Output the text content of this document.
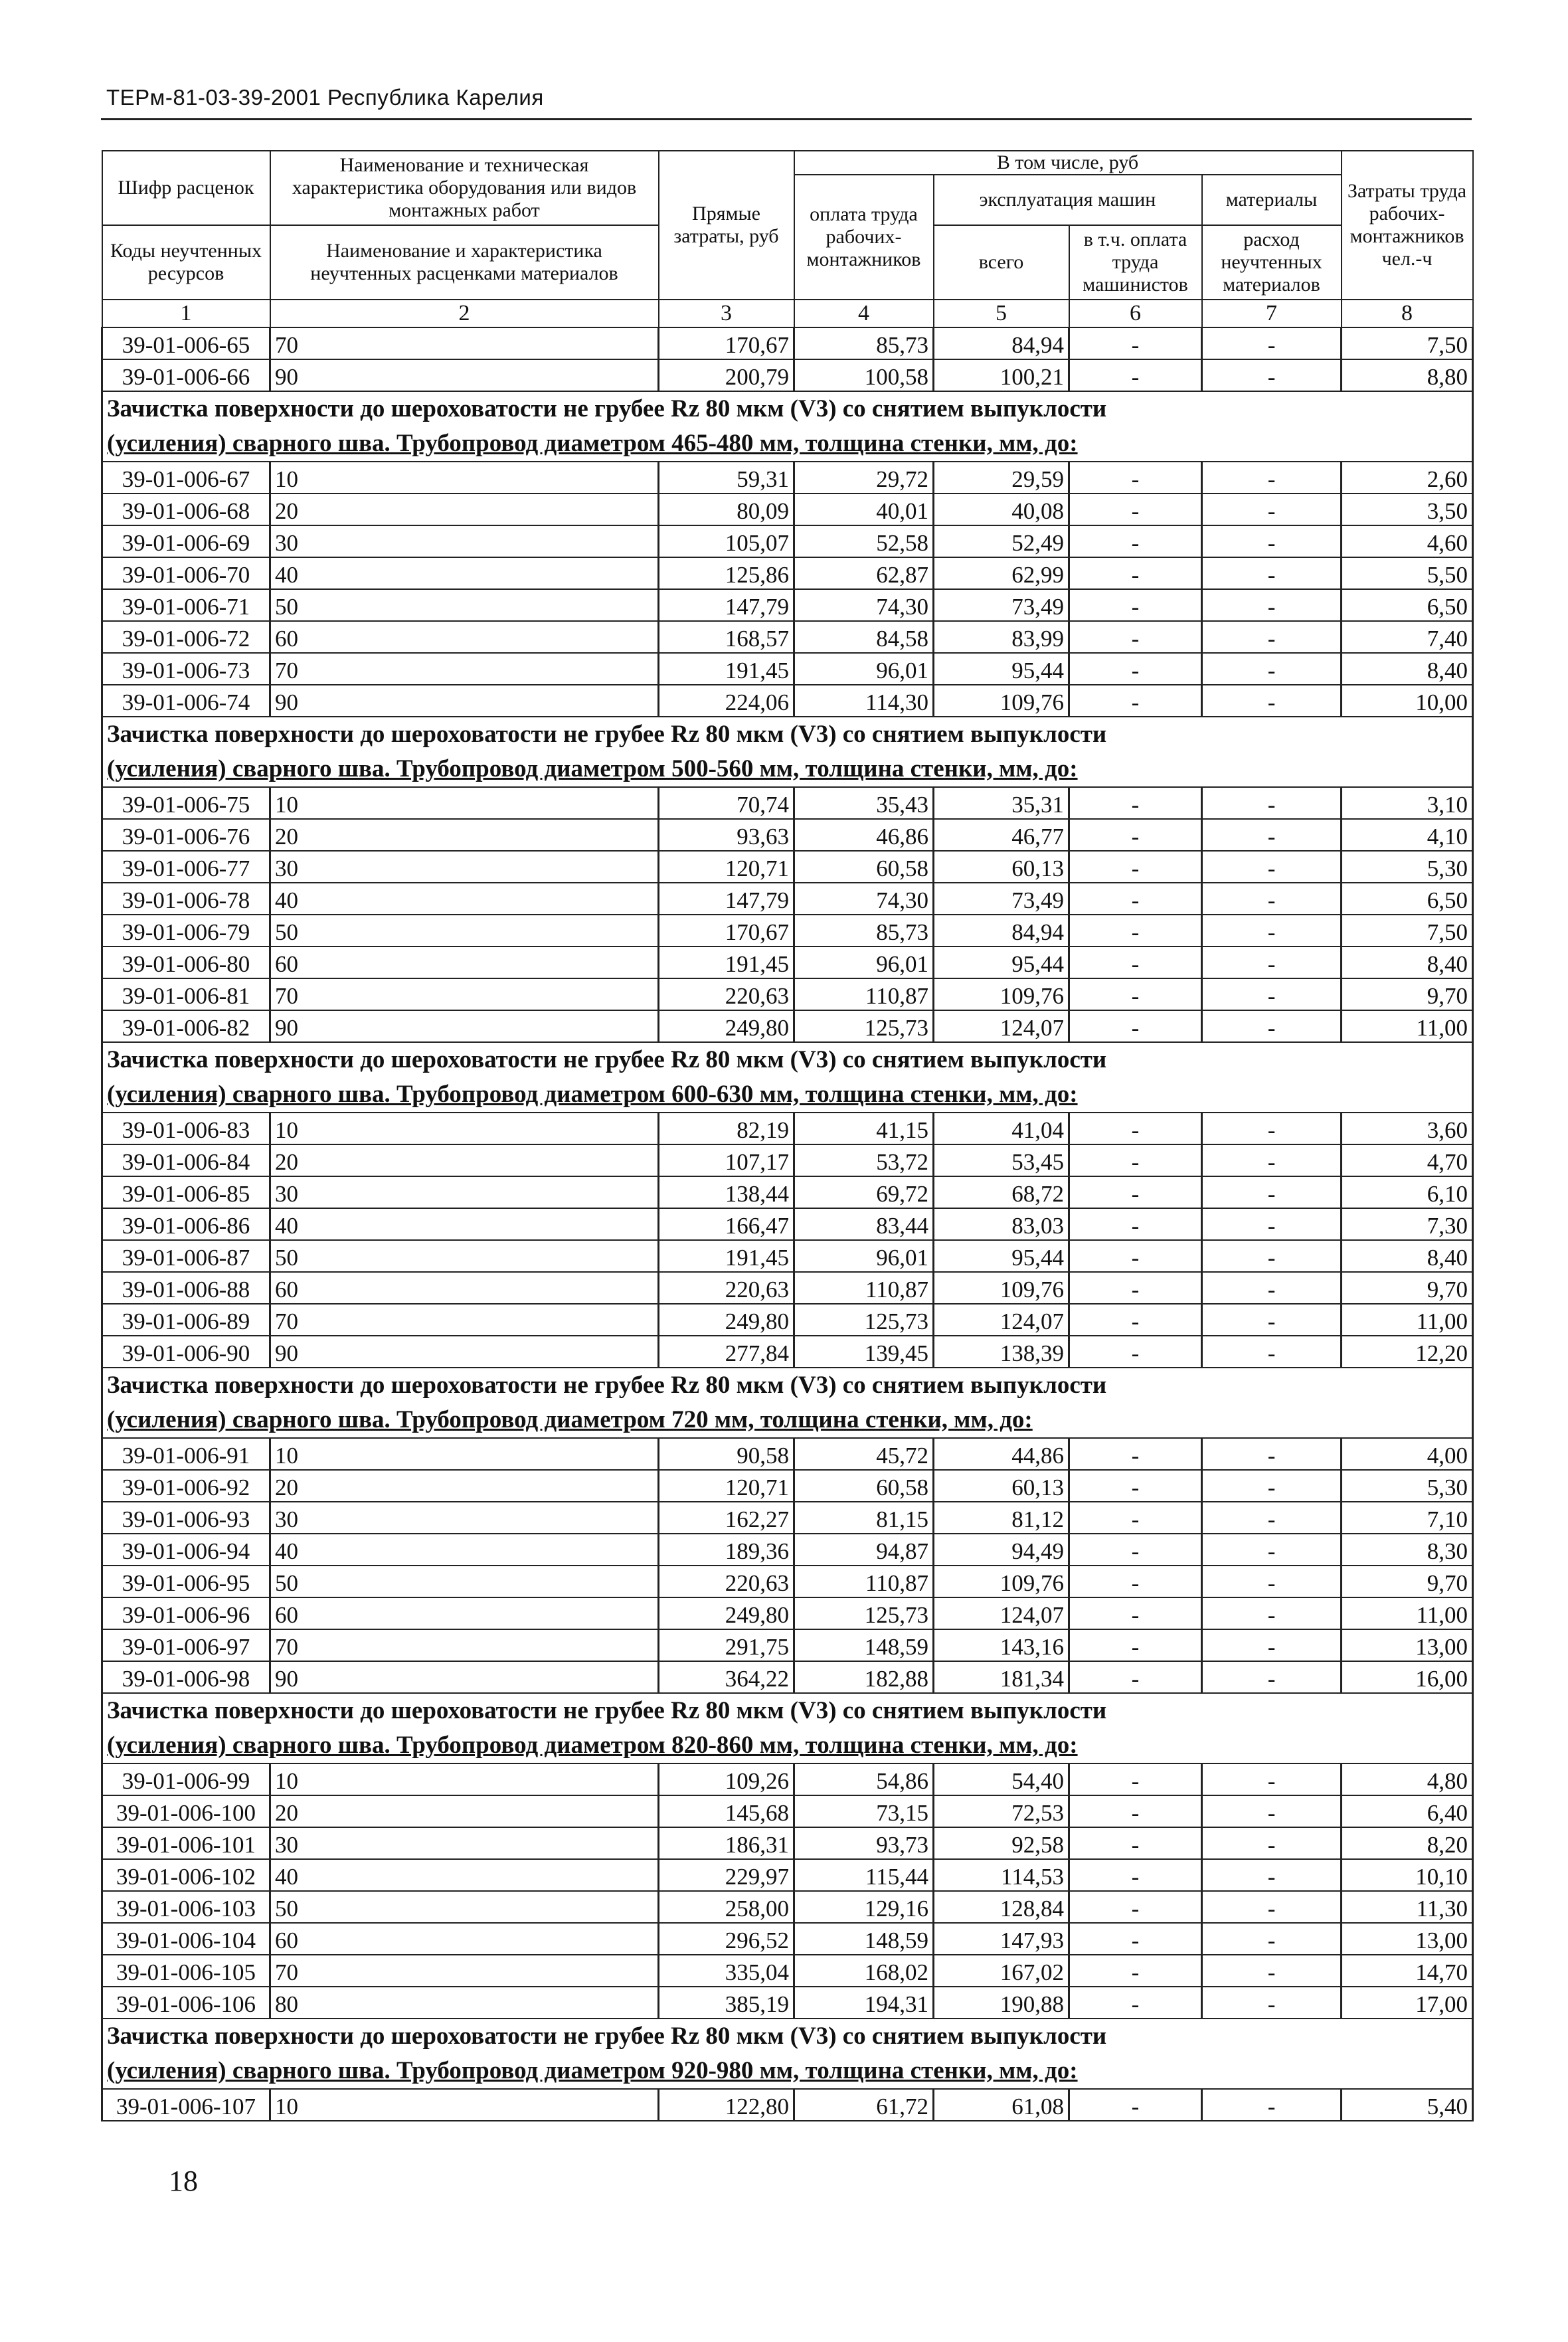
ТЕРм-81-03-39-2001 Республика Карелия
Шифр расценок	Наименование и техническая характеристика оборудования или видов монтажных работ	Прямые затраты, руб	В том числе, руб				Затраты труда рабочих-монтажников чел.-ч
			оплата труда рабочих-монтажников	эксплуатация машин		материалы	
Коды неучтенных ресурсов	Наименование и характеристика неучтенных расценками материалов			всего	в т.ч. оплата труда машинистов	расход неучтенных материалов	

1	2	3	4	5	6	7	8
39-01-006-65	70	170,67	85,73	84,94	-	-	7,50
39-01-006-66	90	200,79	100,58	100,21	-	-	8,80

Зачистка поверхности до шероховатости не грубее Rz 80 мкм (V3) со снятием выпуклости
(усиления) сварного шва. Трубопровод диаметром 465-480 мм, толщина стенки, мм, до:							

39-01-006-67	10	59,31	29,72	29,59	-	-	2,60
39-01-006-68	20	80,09	40,01	40,08	-	-	3,50
39-01-006-69	30	105,07	52,58	52,49	-	-	4,60
39-01-006-70	40	125,86	62,87	62,99	-	-	5,50
39-01-006-71	50	147,79	74,30	73,49	-	-	6,50
39-01-006-72	60	168,57	84,58	83,99	-	-	7,40
39-01-006-73	70	191,45	96,01	95,44	-	-	8,40
39-01-006-74	90	224,06	114,30	109,76	-	-	10,00

Зачистка поверхности до шероховатости не грубее Rz 80 мкм (V3) со снятием выпуклости
(усиления) сварного шва. Трубопровод диаметром 500-560 мм, толщина стенки, мм, до:							

39-01-006-75	10	70,74	35,43	35,31	-	-	3,10
39-01-006-76	20	93,63	46,86	46,77	-	-	4,10
39-01-006-77	30	120,71	60,58	60,13	-	-	5,30
39-01-006-78	40	147,79	74,30	73,49	-	-	6,50
39-01-006-79	50	170,67	85,73	84,94	-	-	7,50
39-01-006-80	60	191,45	96,01	95,44	-	-	8,40
39-01-006-81	70	220,63	110,87	109,76	-	-	9,70
39-01-006-82	90	249,80	125,73	124,07	-	-	11,00

Зачистка поверхности до шероховатости не грубее Rz 80 мкм (V3) со снятием выпуклости
(усиления) сварного шва. Трубопровод диаметром 600-630 мм, толщина стенки, мм, до:							

39-01-006-83	10	82,19	41,15	41,04	-	-	3,60
39-01-006-84	20	107,17	53,72	53,45	-	-	4,70
39-01-006-85	30	138,44	69,72	68,72	-	-	6,10
39-01-006-86	40	166,47	83,44	83,03	-	-	7,30
39-01-006-87	50	191,45	96,01	95,44	-	-	8,40
39-01-006-88	60	220,63	110,87	109,76	-	-	9,70
39-01-006-89	70	249,80	125,73	124,07	-	-	11,00
39-01-006-90	90	277,84	139,45	138,39	-	-	12,20

Зачистка поверхности до шероховатости не грубее Rz 80 мкм (V3) со снятием выпуклости
(усиления) сварного шва. Трубопровод диаметром 720 мм, толщина стенки, мм, до:							

39-01-006-91	10	90,58	45,72	44,86	-	-	4,00
39-01-006-92	20	120,71	60,58	60,13	-	-	5,30
39-01-006-93	30	162,27	81,15	81,12	-	-	7,10
39-01-006-94	40	189,36	94,87	94,49	-	-	8,30
39-01-006-95	50	220,63	110,87	109,76	-	-	9,70
39-01-006-96	60	249,80	125,73	124,07	-	-	11,00
39-01-006-97	70	291,75	148,59	143,16	-	-	13,00
39-01-006-98	90	364,22	182,88	181,34	-	-	16,00

Зачистка поверхности до шероховатости не грубее Rz 80 мкм (V3) со снятием выпуклости
(усиления) сварного шва. Трубопровод диаметром 820-860 мм, толщина стенки, мм, до:							

39-01-006-99	10	109,26	54,86	54,40	-	-	4,80
39-01-006-100	20	145,68	73,15	72,53	-	-	6,40
39-01-006-101	30	186,31	93,73	92,58	-	-	8,20
39-01-006-102	40	229,97	115,44	114,53	-	-	10,10
39-01-006-103	50	258,00	129,16	128,84	-	-	11,30
39-01-006-104	60	296,52	148,59	147,93	-	-	13,00
39-01-006-105	70	335,04	168,02	167,02	-	-	14,70
39-01-006-106	80	385,19	194,31	190,88	-	-	17,00

Зачистка поверхности до шероховатости не грубее Rz 80 мкм (V3) со снятием выпуклости
(усиления) сварного шва. Трубопровод диаметром 920-980 мм, толщина стенки, мм, до:							

39-01-006-107	10	122,80	61,72	61,08	-	-	5,40
18
